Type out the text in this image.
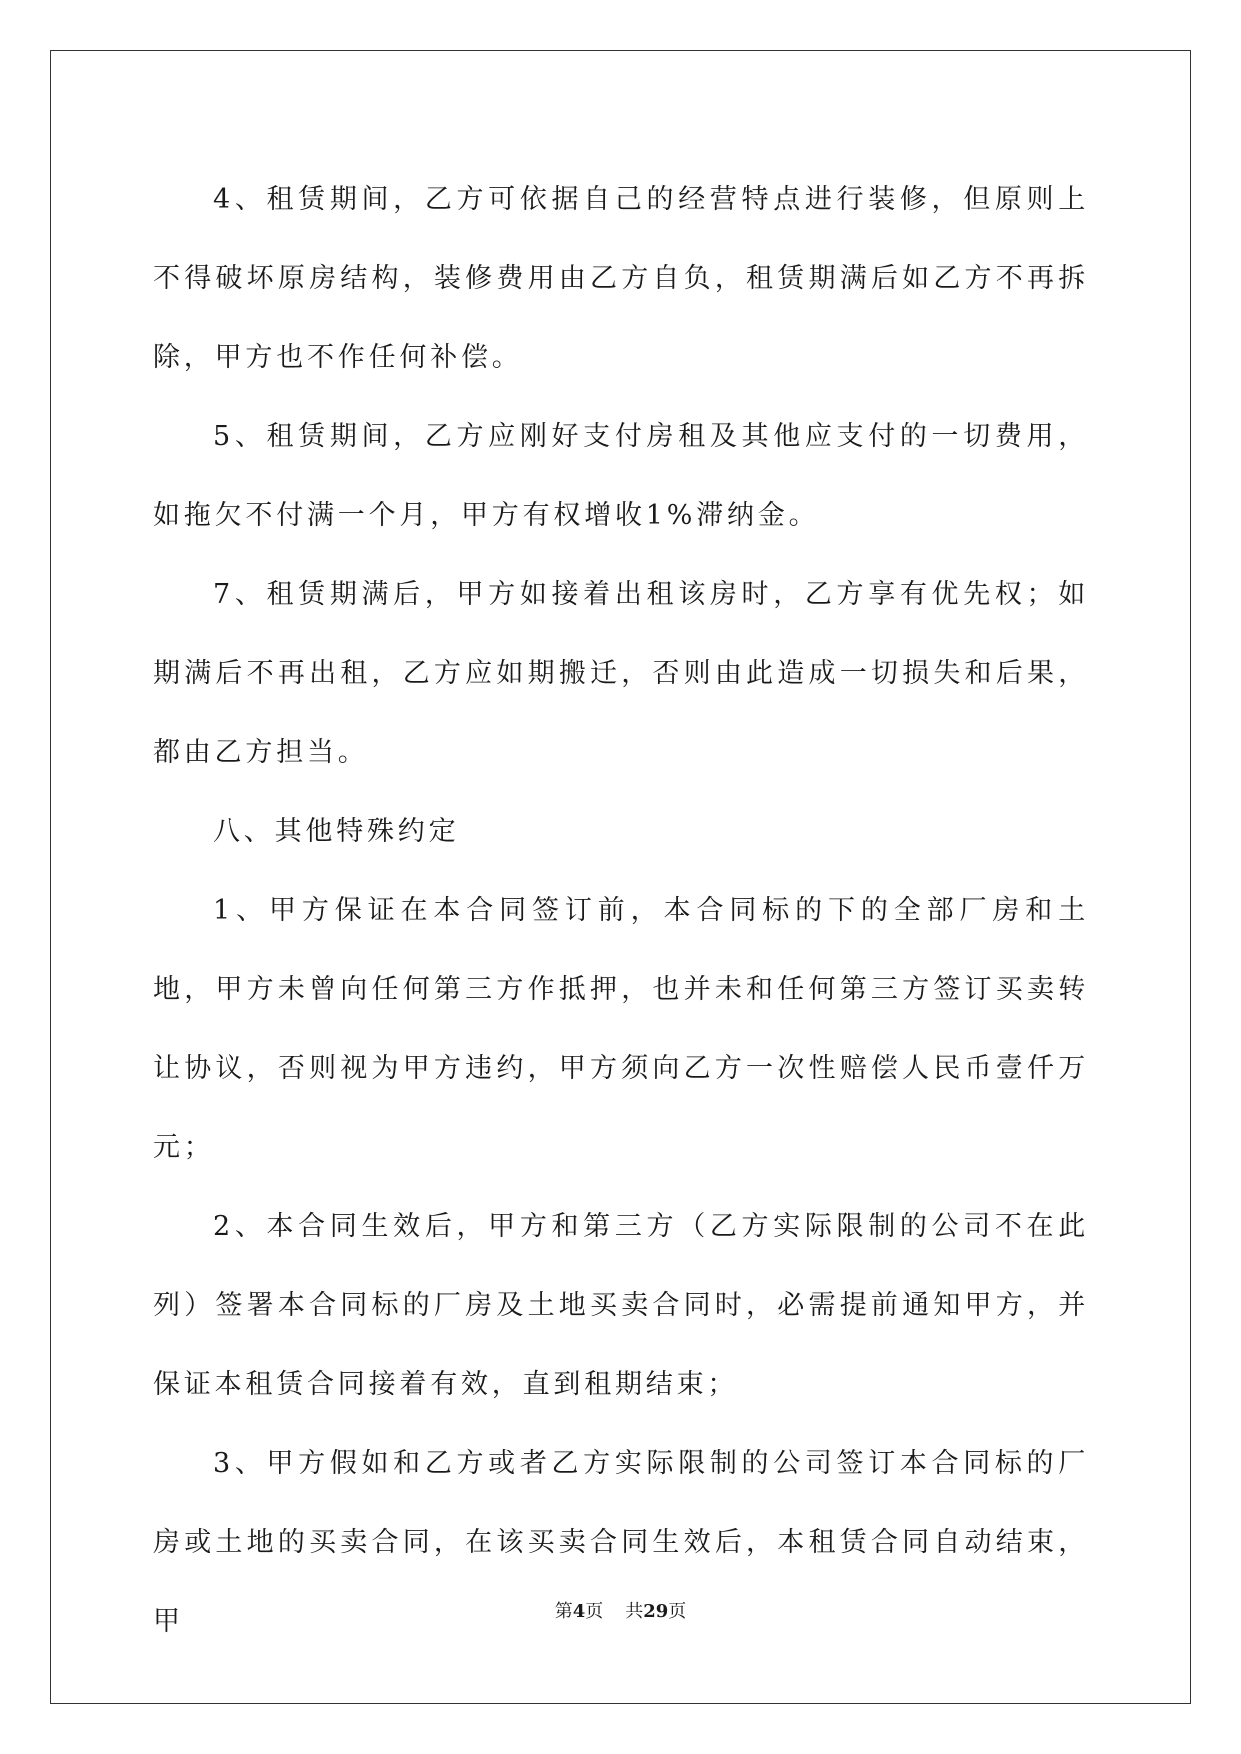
4、租赁期间，乙方可依据自己的经营特点进行装修，但原则上不得破坏原房结构，装修费用由乙方自负，租赁期满后如乙方不再拆除，甲方也不作任何补偿。

5、租赁期间，乙方应刚好支付房租及其他应支付的一切费用，如拖欠不付满一个月，甲方有权增收1%滞纳金。

7、租赁期满后，甲方如接着出租该房时，乙方享有优先权；如期满后不再出租，乙方应如期搬迁，否则由此造成一切损失和后果，都由乙方担当。

八、其他特殊约定

1、甲方保证在本合同签订前，本合同标的下的全部厂房和土地，甲方未曾向任何第三方作抵押，也并未和任何第三方签订买卖转让协议，否则视为甲方违约，甲方须向乙方一次性赔偿人民币壹仟万元；

2、本合同生效后，甲方和第三方（乙方实际限制的公司不在此列）签署本合同标的厂房及土地买卖合同时，必需提前通知甲方，并保证本租赁合同接着有效，直到租期结束；

3、甲方假如和乙方或者乙方实际限制的公司签订本合同标的厂房或土地的买卖合同，在该买卖合同生效后，本租赁合同自动结束，甲	第4页 共29页
